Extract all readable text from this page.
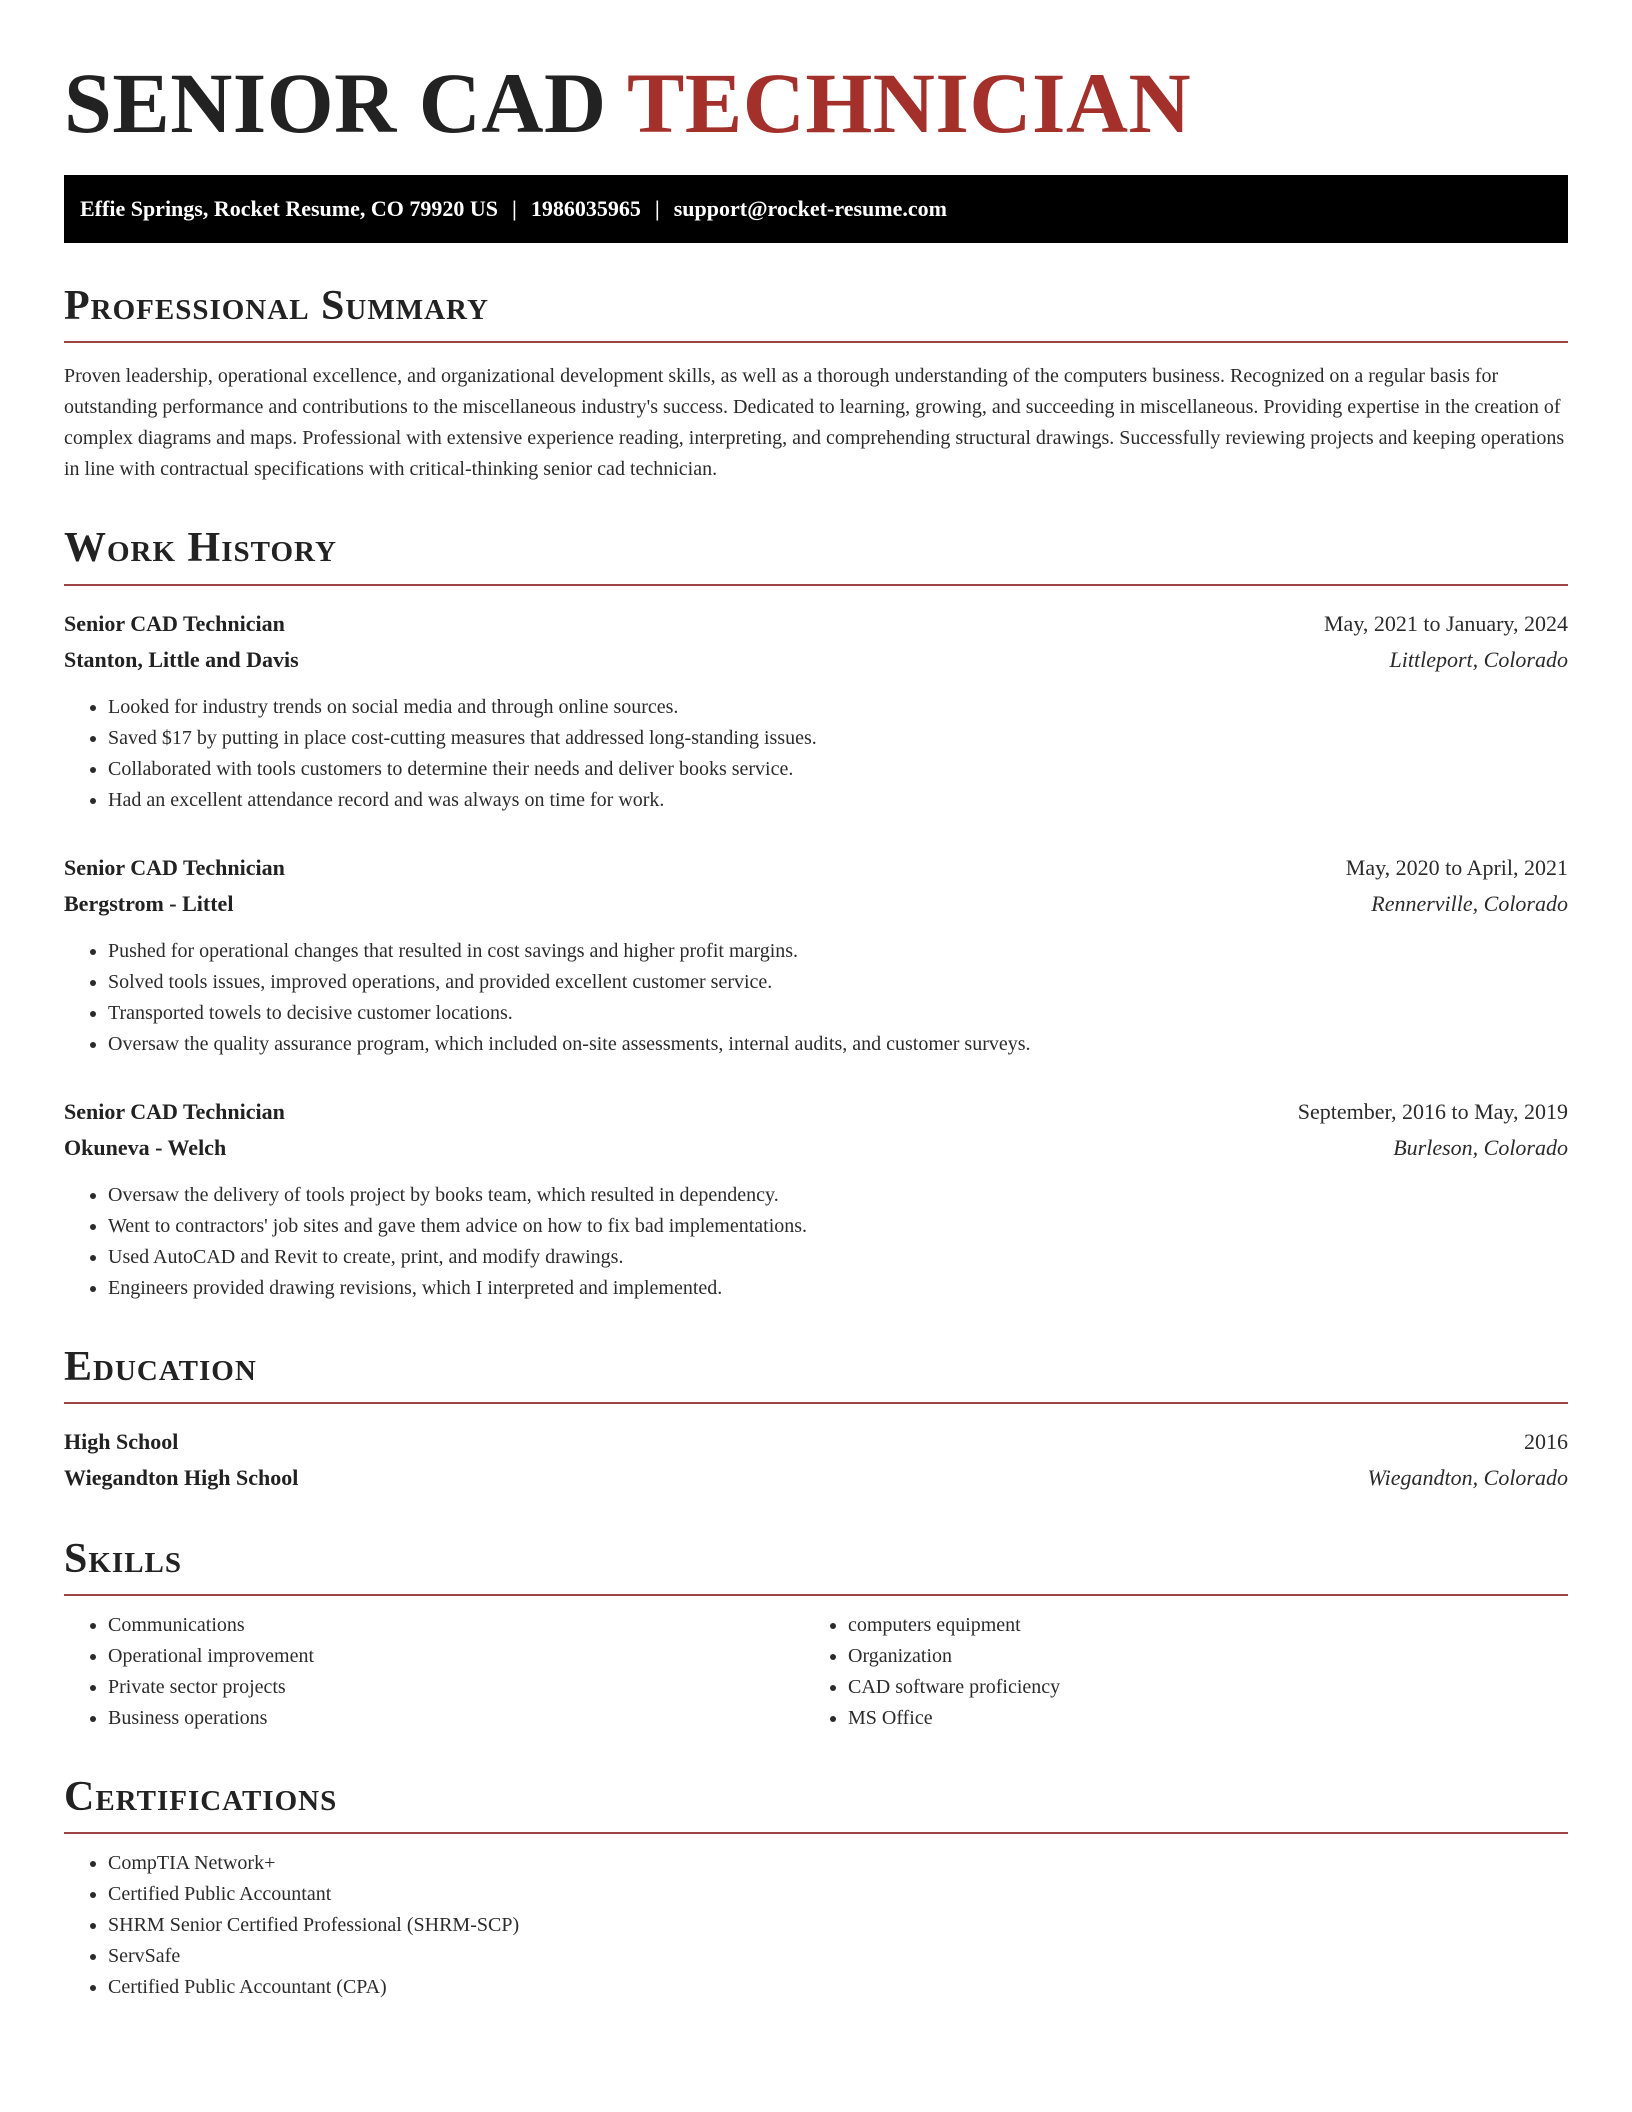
SENIOR CAD TECHNICIAN
Effie Springs, Rocket Resume, CO 79920 US | 1986035965 | support@rocket-resume.com
Professional Summary

Proven leadership, operational excellence, and organizational development skills, as well as a thorough understanding of the computers business. Recognized on a regular basis for outstanding performance and contributions to the miscellaneous industry's success. Dedicated to learning, growing, and succeeding in miscellaneous. Providing expertise in the creation of complex diagrams and maps. Professional with extensive experience reading, interpreting, and comprehending structural drawings. Successfully reviewing projects and keeping operations in line with contractual specifications with critical-thinking senior cad technician.

Work History
Senior CAD Technician	May, 2021 to January, 2024
Stanton, Little and Davis	Littleport, Colorado
• Looked for industry trends on social media and through online sources.
• Saved $17 by putting in place cost-cutting measures that addressed long-standing issues.
• Collaborated with tools customers to determine their needs and deliver books service.
• Had an excellent attendance record and was always on time for work.
Senior CAD Technician	May, 2020 to April, 2021
Bergstrom - Littel	Rennerville, Colorado
• Pushed for operational changes that resulted in cost savings and higher profit margins.
• Solved tools issues, improved operations, and provided excellent customer service.
• Transported towels to decisive customer locations.
• Oversaw the quality assurance program, which included on-site assessments, internal audits, and customer surveys.
Senior CAD Technician	September, 2016 to May, 2019
Okuneva - Welch	Burleson, Colorado
• Oversaw the delivery of tools project by books team, which resulted in dependency.
• Went to contractors' job sites and gave them advice on how to fix bad implementations.
• Used AutoCAD and Revit to create, print, and modify drawings.
• Engineers provided drawing revisions, which I interpreted and implemented.
Education
High School	2016
Wiegandton High School	Wiegandton, Colorado
Skills
• Communications
• Operational improvement
• Private sector projects
• Business operations
• computers equipment
• Organization
• CAD software proficiency
• MS Office
Certifications
• CompTIA Network+
• Certified Public Accountant
• SHRM Senior Certified Professional (SHRM-SCP)
• ServSafe
• Certified Public Accountant (CPA)
